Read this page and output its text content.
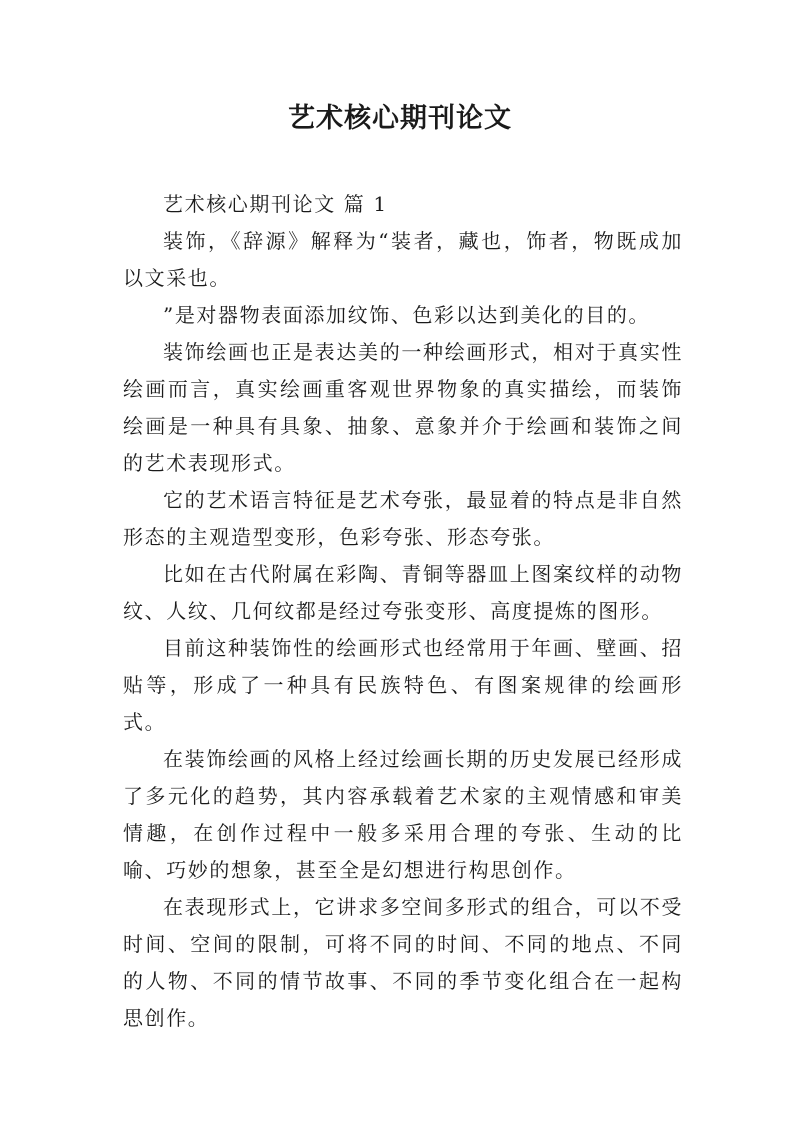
艺术核心期刊论文

艺术核心期刊论文 篇 1

装饰，《辞源》解释为“装者，藏也，饰者，物既成加以文采也。

”是对器物表面添加纹饰、色彩以达到美化的目的。

装饰绘画也正是表达美的一种绘画形式，相对于真实性绘画而言，真实绘画重客观世界物象的真实描绘，而装饰绘画是一种具有具象、抽象、意象并介于绘画和装饰之间的艺术表现形式。

它的艺术语言特征是艺术夸张，最显着的特点是非自然形态的主观造型变形，色彩夸张、形态夸张。

比如在古代附属在彩陶、青铜等器皿上图案纹样的动物纹、人纹、几何纹都是经过夸张变形、高度提炼的图形。

目前这种装饰性的绘画形式也经常用于年画、壁画、招贴等，形成了一种具有民族特色、有图案规律的绘画形式。

在装饰绘画的风格上经过绘画长期的历史发展已经形成了多元化的趋势，其内容承载着艺术家的主观情感和审美情趣，在创作过程中一般多采用合理的夸张、生动的比喻、巧妙的想象，甚至全是幻想进行构思创作。

在表现形式上，它讲求多空间多形式的组合，可以不受时间、空间的限制，可将不同的时间、不同的地点、不同的人物、不同的情节故事、不同的季节变化组合在一起构思创作。
